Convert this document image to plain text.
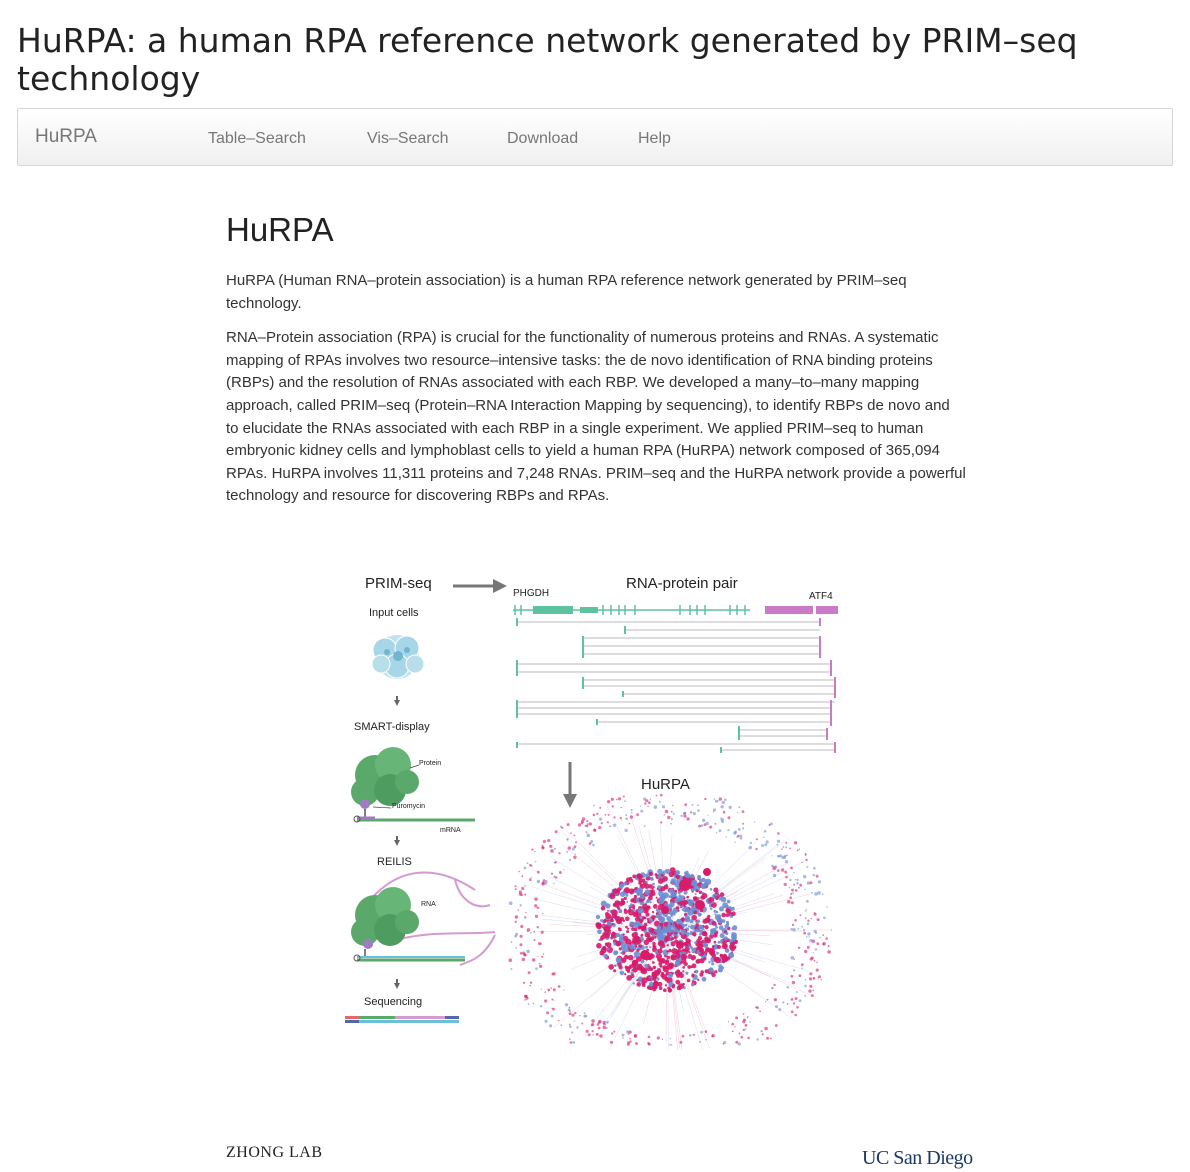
HuRPA: a human RPA reference network generated by PRIM–seq technology
HuRPA	Table–Search	Vis–Search	Download	Help
HuRPA

HuRPA (Human RNA–protein association) is a human RPA reference network generated by PRIM–seq technology.

RNA–Protein association (RPA) is crucial for the functionality of numerous proteins and RNAs. A systematic mapping of RPAs involves two resource–intensive tasks: the de novo identification of RNA binding proteins (RBPs) and the resolution of RNAs associated with each RBP. We developed a many–to–many mapping approach, called PRIM–seq (Protein–RNA Interaction Mapping by sequencing), to identify RBPs de novo and to elucidate the RNAs associated with each RBP in a single experiment. We applied PRIM–seq to human embryonic kidney cells and lymphoblast cells to yield a human RPA (HuRPA) network composed of 365,094 RPAs. HuRPA involves 11,311 proteins and 7,248 RNAs. PRIM–seq and the HuRPA network provide a powerful technology and resource for discovering RBPs and RPAs.

PRIM-seq
Input cells
SMART-display
Protein
Puromycin
mRNA
REILIS
RNA
Sequencing
RNA-protein pair
PHGDH	ATF4
HuRPA
ZHONG LAB	UC San Diego
